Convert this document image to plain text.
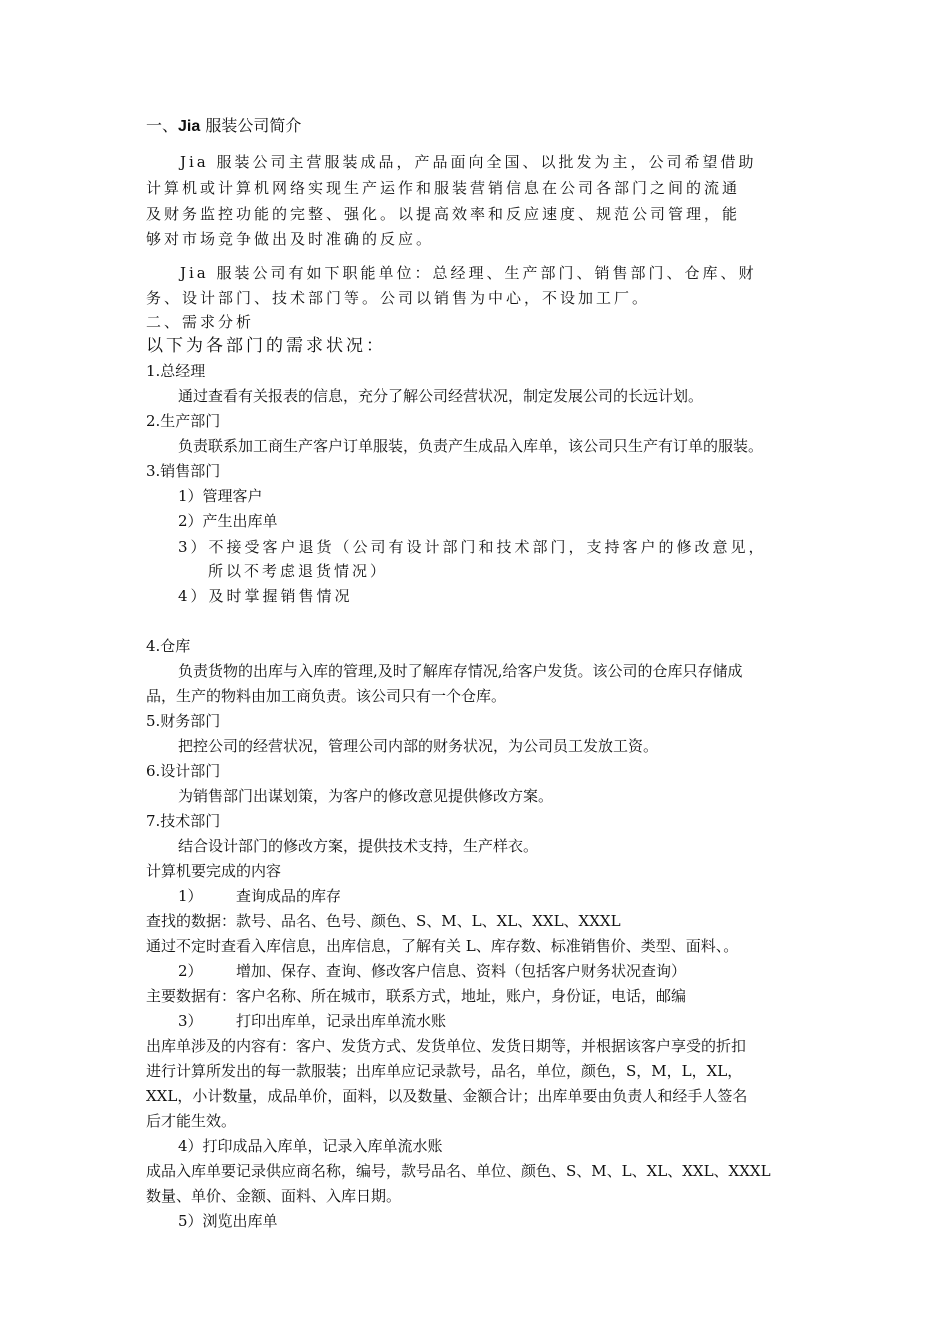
一、Jia 服装公司简介
Jia 服装公司主营服装成品，产品面向全国、以批发为主，公司希望借助
计算机或计算机网络实现生产运作和服装营销信息在公司各部门之间的流通
及财务监控功能的完整、强化。以提高效率和反应速度、规范公司管理，能
够对市场竞争做出及时准确的反应。
Jia 服装公司有如下职能单位：总经理、生产部门、销售部门、仓库、财
务、设计部门、技术部门等。公司以销售为中心，不设加工厂。
二、需求分析
以下为各部门的需求状况：
1.总经理
通过查看有关报表的信息，充分了解公司经营状况，制定发展公司的长远计划。
2.生产部门
负责联系加工商生产客户订单服装，负责产生成品入库单，该公司只生产有订单的服装。
3.销售部门
1）管理客户
2）产生出库单
3）不接受客户退货（公司有设计部门和技术部门，支持客户的修改意见，
所以不考虑退货情况）
4）及时掌握销售情况
4.仓库
负责货物的出库与入库的管理,及时了解库存情况,给客户发货。该公司的仓库只存储成
品，生产的物料由加工商负责。该公司只有一个仓库。
5.财务部门
把控公司的经营状况，管理公司内部的财务状况，为公司员工发放工资。
6.设计部门
为销售部门出谋划策，为客户的修改意见提供修改方案。
7.技术部门
结合设计部门的修改方案，提供技术支持，生产样衣。
计算机要完成的内容
1） 查询成品的库存
查找的数据：款号、品名、色号、颜色、S、M、L、XL、XXL、XXXL
通过不定时查看入库信息，出库信息，了解有关 L、库存数、标准销售价、类型、面料、。
2） 增加、保存、查询、修改客户信息、资料（包括客户财务状况查询）
主要数据有：客户名称、所在城市，联系方式，地址，账户，身份证，电话，邮编
3） 打印出库单，记录出库单流水账
出库单涉及的内容有：客户、发货方式、发货单位、发货日期等，并根据该客户享受的折扣
进行计算所发出的每一款服装；出库单应记录款号，品名，单位，颜色，S，M，L，XL，
XXL，小计数量，成品单价，面料，以及数量、金额合计；出库单要由负责人和经手人签名
后才能生效。
4）打印成品入库单，记录入库单流水账
成品入库单要记录供应商名称，编号，款号品名、单位、颜色、S、M、L、XL、XXL、XXXL
数量、单价、金额、面料、入库日期。
5）浏览出库单
